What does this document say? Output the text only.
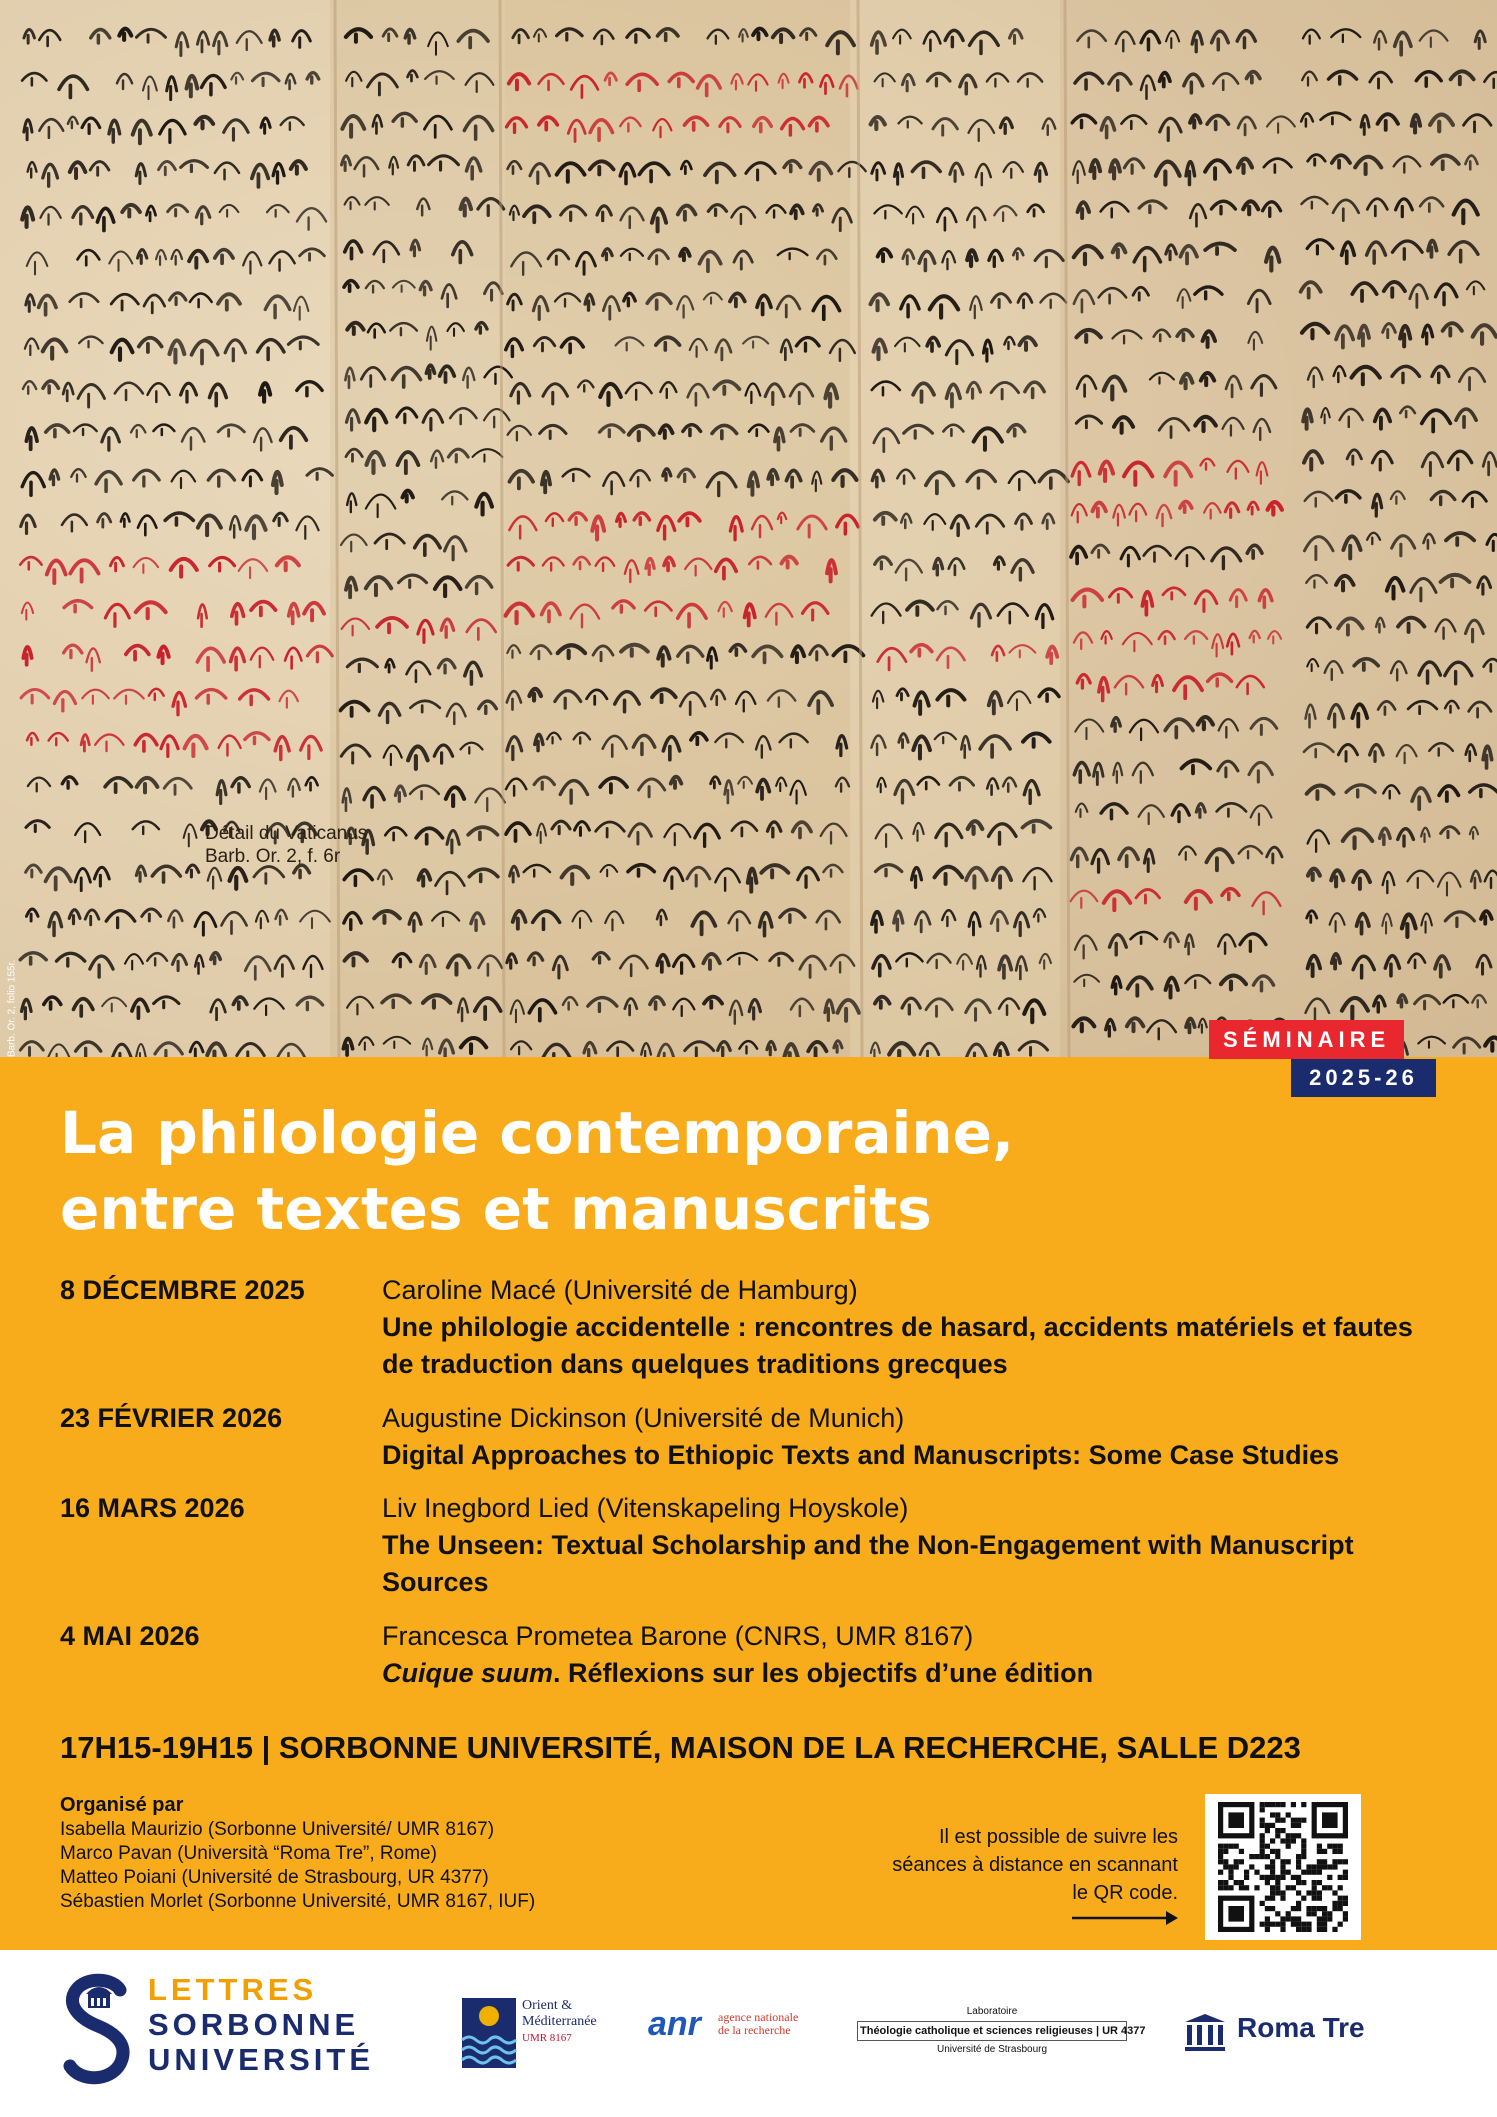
Détail du Vaticanus
Barb. Or. 2, f. 6r
SÉMINAIRE
2025-26
La philologie contemporaine,
entre textes et manuscrits
8 DÉCEMBRE 2025	Caroline Macé (Université de Hamburg)
Une philologie accidentelle : rencontres de hasard, accidents matériels et fautes de traduction dans quelques traditions grecques
23 FÉVRIER 2026	Augustine Dickinson (Université de Munich)
Digital Approaches to Ethiopic Texts and Manuscripts: Some Case Studies
16 MARS 2026	Liv Inegbord Lied (Vitenskapeling Hoyskole)
The Unseen: Textual Scholarship and the Non-Engagement with Manuscript Sources
4 MAI 2026	Francesca Prometea Barone (CNRS, UMR 8167)
Cuique suum. Réflexions sur les objectifs d’une édition
17H15-19H15 | SORBONNE UNIVERSITÉ, MAISON DE LA RECHERCHE, SALLE D223
Organisé par
Isabella Maurizio (Sorbonne Université/ UMR 8167)
Marco Pavan (Università “Roma Tre”, Rome)
Matteo Poiani (Université de Strasbourg, UR 4377)
Sébastien Morlet (Sorbonne Université, UMR 8167, IUF)
Il est possible de suivre les
séances à distance en scannant
le QR code.
LETTRES
SORBONNE
UNIVERSITÉ
Orient &
Méditerranée
UMR 8167	anr agence nationale
de la recherche
Laboratoire
Théologie catholique et sciences religieuses | UR 4377
Université de Strasbourg
Roma Tre
